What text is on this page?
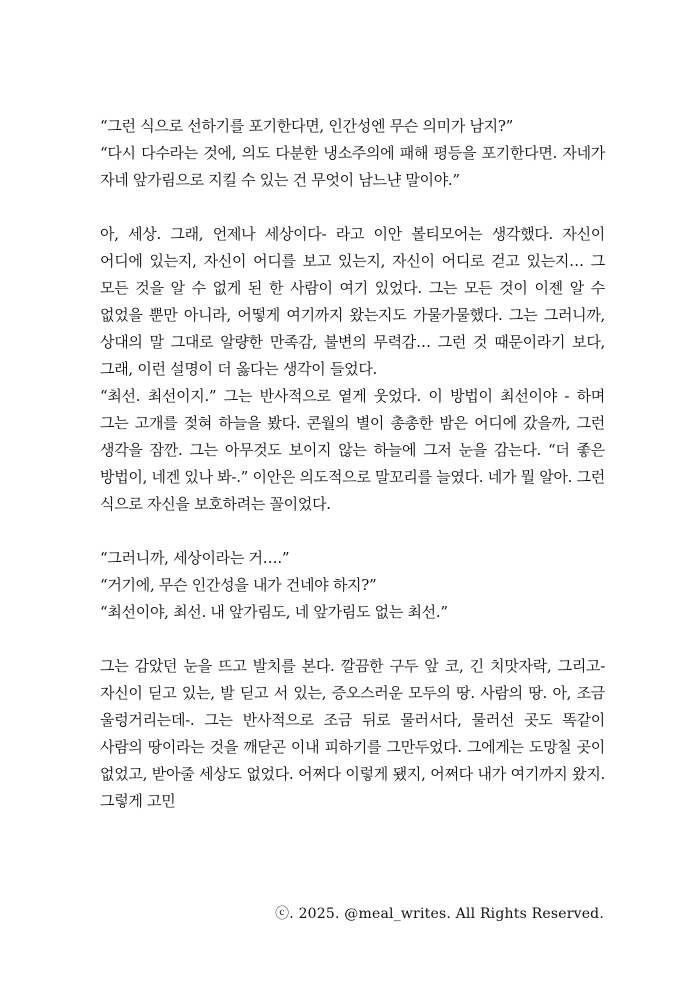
“그런 식으로 선하기를 포기한다면, 인간성엔 무슨 의미가 남지?”

“다시 다수라는 것에, 의도 다분한 냉소주의에 패해 평등을 포기한다면. 자네가 자네 앞가림으로 지킬 수 있는 건 무엇이 남느냔 말이야.”

아, 세상. 그래, 언제나 세상이다- 라고 이안 볼티모어는 생각했다. 자신이 어디에 있는지, 자신이 어디를 보고 있는지, 자신이 어디로 걷고 있는지… 그 모든 것을 알 수 없게 된 한 사람이 여기 있었다. 그는 모든 것이 이젠 알 수 없었을 뿐만 아니라, 어떻게 여기까지 왔는지도 가물가물했다. 그는 그러니까, 상대의 말 그대로 알량한 만족감, 불변의 무력감… 그런 것 때문이라기 보다, 그래, 이런 설명이 더 옳다는 생각이 들었다.

“최선. 최선이지.” 그는 반사적으로 옅게 웃었다. 이 방법이 최선이야 - 하며 그는 고개를 젖혀 하늘을 봤다. 콘월의 별이 총총한 밤은 어디에 갔을까, 그런 생각을 잠깐. 그는 아무것도 보이지 않는 하늘에 그저 눈을 감는다. “더 좋은 방법이, 네겐 있나 봐-.” 이안은 의도적으로 말꼬리를 늘였다. 네가 뭘 알아. 그런 식으로 자신을 보호하려는 꼴이었다.

“그러니까, 세상이라는 거….”

“거기에, 무슨 인간성을 내가 건네야 하지?”

“최선이야, 최선. 내 앞가림도, 네 앞가림도 없는 최선.”

그는 감았던 눈을 뜨고 발치를 본다. 깔끔한 구두 앞 코, 긴 치맛자락, 그리고- 자신이 딛고 있는, 발 딛고 서 있는, 증오스러운 모두의 땅. 사람의 땅. 아, 조금 울렁거리는데-. 그는 반사적으로 조금 뒤로 물러서다, 물러선 곳도 똑같이 사람의 땅이라는 것을 깨닫곤 이내 피하기를 그만두었다. 그에게는 도망칠 곳이 없었고, 받아줄 세상도 없었다. 어쩌다 이렇게 됐지, 어쩌다 내가 여기까지 왔지. 그렇게 고민

ⓒ. 2025. @meal_writes. All Rights Reserved.
